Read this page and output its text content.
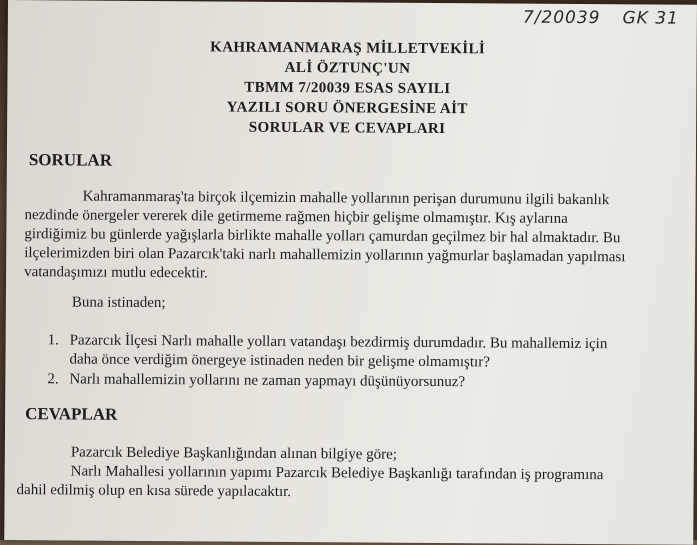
7/20039 GK 31
KAHRAMANMARAŞ MİLLETVEKİLİ
ALİ ÖZTUNÇ'UN
TBMM 7/20039 ESAS SAYILI
YAZILI SORU ÖNERGESİNE AİT
SORULAR VE CEVAPLARI
SORULAR
Kahramanmaraş'ta birçok ilçemizin mahalle yollarının perişan durumunu ilgili bakanlık
nezdinde önergeler vererek dile getirmeme rağmen hiçbir gelişme olmamıştır. Kış aylarına
girdiğimiz bu günlerde yağışlarla birlikte mahalle yolları çamurdan geçilmez bir hal almaktadır. Bu
ilçelerimizden biri olan Pazarcık'taki narlı mahallemizin yollarının yağmurlar başlamadan yapılması
vatandaşımızı mutlu edecektir.
Buna istinaden;
1. Pazarcık İlçesi Narlı mahalle yolları vatandaşı bezdirmiş durumdadır. Bu mahallemiz için
daha önce verdiğim önergeye istinaden neden bir gelişme olmamıştır?
2. Narlı mahallemizin yollarını ne zaman yapmayı düşünüyorsunuz?
CEVAPLAR
Pazarcık Belediye Başkanlığından alınan bilgiye göre;
Narlı Mahallesi yollarının yapımı Pazarcık Belediye Başkanlığı tarafından iş programına
dahil edilmiş olup en kısa sürede yapılacaktır.
